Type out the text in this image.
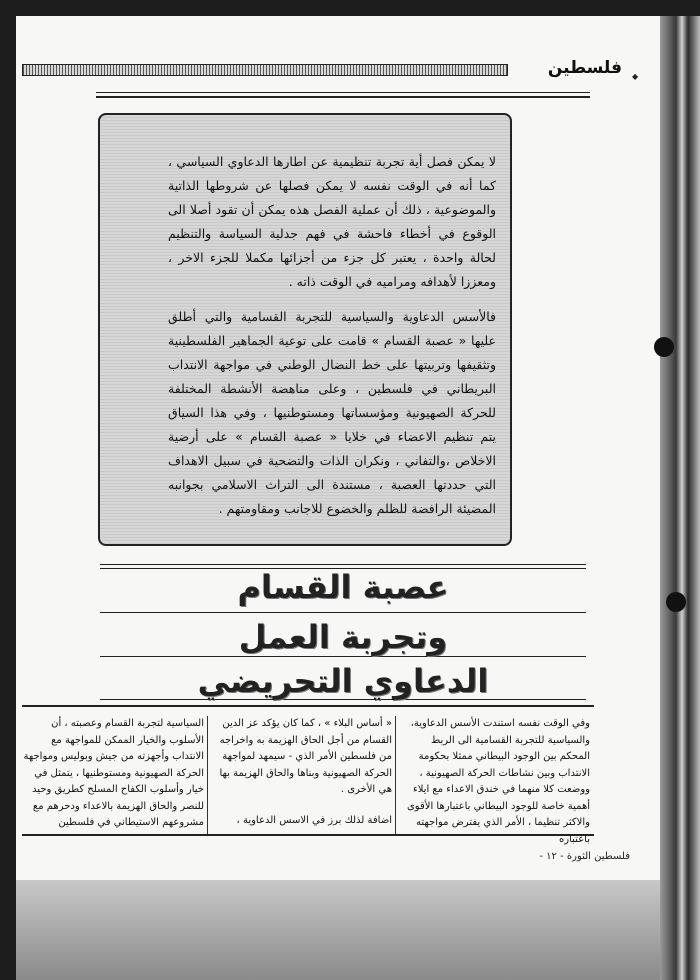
فلسطين ◆

لا يمكن فصل أية تجربة تنظيمية عن اطارها الدعاوي السياسي ، كما أنه في الوقت نفسه لا يمكن فصلها عن شروطها الذاتية والموضوعية ، ذلك أن عملية الفصل هذه يمكن أن تقود أصلا الى الوقوع في أخطاء فاحشة في فهم جدلية السياسة والتنظيم لحالة واحدة ، يعتبر كل جزء من أجزائها مكملا للجزء الاخر ، ومعززا لأهدافه ومراميه في الوقت ذاته .

فالأسس الدعاوية والسياسية للتجربة القسامية والتي أطلق عليها « عصبة القسام » قامت على توعية الجماهير الفلسطينية وتثقيفها وتربيتها على خط النضال الوطني في مواجهة الانتداب البريطاني في فلسطين ، وعلى مناهضة الأنشطة المختلفة للحركة الصهيونية ومؤسساتها ومستوطنيها ، وفي هذا السياق يتم تنظيم الاعضاء في خلايا « عصبة القسام » على أرضية الاخلاص ،والتفاني ، ونكران الذات والتضحية في سبيل الاهداف التي حددتها العصبة ، مستندة الى التراث الاسلامي بجوانبه المضيئة الرافضة للظلم والخضوع للاجانب ومقاومتهم .

عصبة القسام
وتجربة العمل
الدعاوي التحريضي
وفي الوقت نفسه استندت الأسس الدعاوية، والسياسية للتجربة القسامية الى الربط المحكم بين الوجود البيطاني ممثلا بحكومة الانتداب وبين نشاطات الحركة الصهيونية ، ووضعت كلا منهما في خندق الاعداء مع ايلاء أهمية خاصة للوجود البيطاني باعتبارها الأقوى والاكثر تنظيما ، الأمر الذي يفترض مواجهته باعتباره
« أساس البلاء » ، كما كان يؤكد عز الدين القسام من أجل الحاق الهزيمة به واخراجه من فلسطين الأمر الذي - سيمهد لمواجهة الحركة الصهيونية وبناها والحاق الهزيمة بها هي الأخرى .
اضافة لذلك برز في الاسس الدعاوية ،
السياسية لتجربة القسام وعصبته ، أن الأسلوب والخيار الممكن للمواجهة مع الانتداب وأجهزته من جيش وبوليس ومواجهة الحركة الصهيونية ومستوطنيها ، يتمثل في خيار وأسلوب الكفاح المسلح كطريق وحيد للنصر والحاق الهزيمة بالاعداء ودحرهم مع مشروعهم الاستيطاني في فلسطين
فلسطين الثورة - ١٢ -
